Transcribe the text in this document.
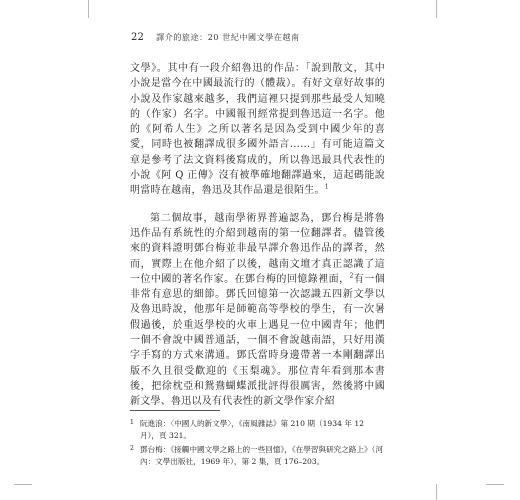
22 譯介的旅途：20 世紀中國文學在越南

文學》。其中有一段介紹魯迅的作品：「說到散文，其中小說是當今在中國最流行的（體裁）。有好文章好故事的小說及作家越來越多，我們這裡只提到那些最受人知曉的（作家）名字。中國報刊經常提到魯迅這一名字。他的《阿希人生》之所以著名是因為受到中國少年的喜愛，同時也被翻譯成很多國外語言……」有可能這篇文章是參考了法文資料後寫成的，所以魯迅最具代表性的小說《阿 Q 正傳》沒有被準確地翻譯過來，這起碼能說明當時在越南，魯迅及其作品還是很陌生。$^1$

第二個故事，越南學術界普遍認為，鄧台梅是將魯迅作品有系統性的介紹到越南的第一位翻譯者。儘管後來的資料證明鄧台梅並非最早譯介魯迅作品的譯者，然而，實際上在他介紹了以後，越南文壇才真正認識了這一位中國的著名作家。在鄧台梅的回憶錄裡面，$^2$有一個非常有意思的細節。鄧氏回憶第一次認識五四新文學以及魯迅時說，他那年是師範高等學校的學生，有一次暑假過後，於重返學校的火車上遇見一位中國青年；他們一個不會說中國普通話，一個不會說越南語，只好用漢字手寫的方式來溝通。鄧氏當時身邊帶著一本剛翻譯出版不久且很受歡迎的《玉梨魂》。那位青年看到那本書後，把徐枕亞和鴛鴦蝴蝶派批評得很厲害，然後將中國新文學、魯迅以及有代表性的新文學作家介紹

1 阮進浪：〈中國人的新文學〉，《南風雜誌》第 210 期（1934 年 12 月），頁 321。
2 鄧台梅：《接觸中國文學之路上的一些回憶》，《在學習與研究之路上》（河內：文學出版社，1969 年），第 2 集，頁 176–203。
